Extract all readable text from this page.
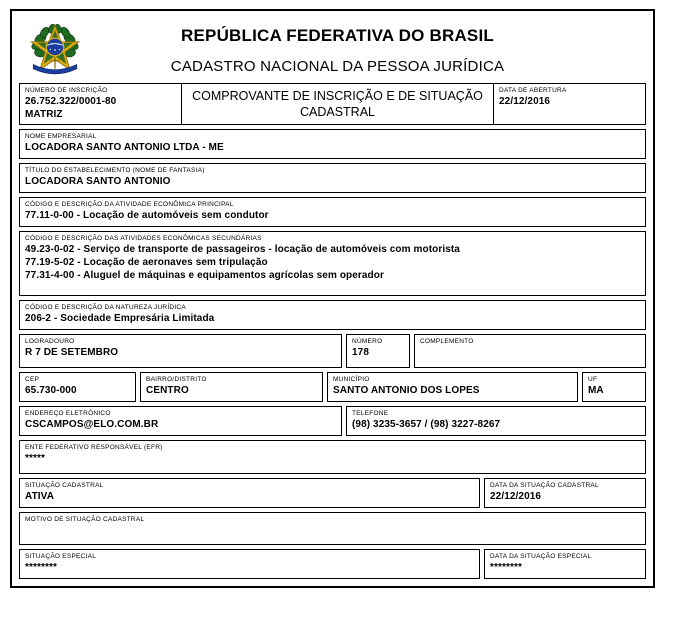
REPÚBLICA FEDERATIVA DO BRASIL
CADASTRO NACIONAL DA PESSOA JURÍDICA
NÚMERO DE INSCRIÇÃO
26.752.322/0001-80
MATRIZ
COMPROVANTE DE INSCRIÇÃO E DE SITUAÇÃO CADASTRAL
DATA DE ABERTURA
22/12/2016
NOME EMPRESARIAL
LOCADORA SANTO ANTONIO LTDA - ME
TÍTULO DO ESTABELECIMENTO (NOME DE FANTASIA)
LOCADORA SANTO ANTONIO
CÓDIGO E DESCRIÇÃO DA ATIVIDADE ECONÔMICA PRINCIPAL
77.11-0-00 - Locação de automóveis sem condutor
CÓDIGO E DESCRIÇÃO DAS ATIVIDADES ECONÔMICAS SECUNDÁRIAS
49.23-0-02 - Serviço de transporte de passageiros - locação de automóveis com motorista
77.19-5-02 - Locação de aeronaves sem tripulação
77.31-4-00 - Aluguel de máquinas e equipamentos agrícolas sem operador
CÓDIGO E DESCRIÇÃO DA NATUREZA JURÍDICA
206-2 - Sociedade Empresária Limitada
LOGRADOURO
R 7 DE SETEMBRO
NÚMERO
178
COMPLEMENTO
CEP
65.730-000
BAIRRO/DISTRITO
CENTRO
MUNICÍPIO
SANTO ANTONIO DOS LOPES
UF
MA
ENDEREÇO ELETRÔNICO
CSCAMPOS@ELO.COM.BR
TELEFONE
(98) 3235-3657 / (98) 3227-8267
ENTE FEDERATIVO RESPONSÁVEL (EFR)
*****
SITUAÇÃO CADASTRAL
ATIVA
DATA DA SITUAÇÃO CADASTRAL
22/12/2016
MOTIVO DE SITUAÇÃO CADASTRAL
SITUAÇÃO ESPECIAL
********
DATA DA SITUAÇÃO ESPECIAL
********
